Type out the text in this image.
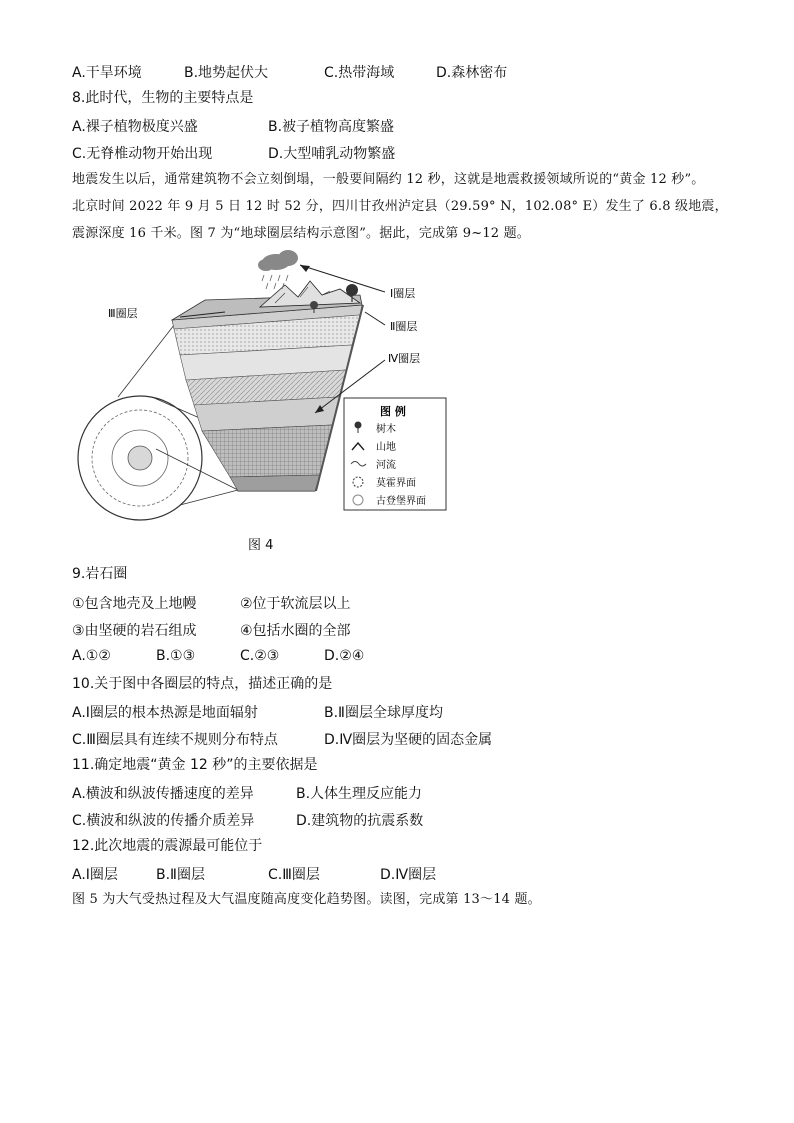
A.干旱环境	B.地势起伏大	C.热带海域	D.森林密布
8.此时代，生物的主要特点是
A.裸子植物极度兴盛	B.被子植物高度繁盛
C.无脊椎动物开始出现	D.大型哺乳动物繁盛
地震发生以后，通常建筑物不会立刻倒塌，一般要间隔约 12 秒，这就是地震救援领域所说的“黄金 12 秒”。
北京时间 2022 年 9 月 5 日 12 时 52 分，四川甘孜州泸定县（29.59° N，102.08° E）发生了 6.8 级地震，
震源深度 16 千米。图 7 为“地球圈层结构示意图”。据此，完成第 9~12 题。
Ⅰ圈层
Ⅱ圈层
Ⅲ圈层
Ⅳ圈层
图 例
树木
山地
河流
莫霍界面
古登堡界面
图 4
9.岩石圈
①包含地壳及上地幔	②位于软流层以上
③由坚硬的岩石组成	④包括水圈的全部
A.①②	B.①③	C.②③	D.②④
10.关于图中各圈层的特点，描述正确的是
A.Ⅰ圈层的根本热源是地面辐射	B.Ⅱ圈层全球厚度均
C.Ⅲ圈层具有连续不规则分布特点	D.Ⅳ圈层为坚硬的固态金属
11.确定地震“黄金 12 秒”的主要依据是
A.横波和纵波传播速度的差异	B.人体生理反应能力
C.横波和纵波的传播介质差异	D.建筑物的抗震系数
12.此次地震的震源最可能位于
A.Ⅰ圈层	B.Ⅱ圈层	C.Ⅲ圈层	D.Ⅳ圈层
图 5 为大气受热过程及大气温度随高度变化趋势图。读图，完成第 13～14 题。
